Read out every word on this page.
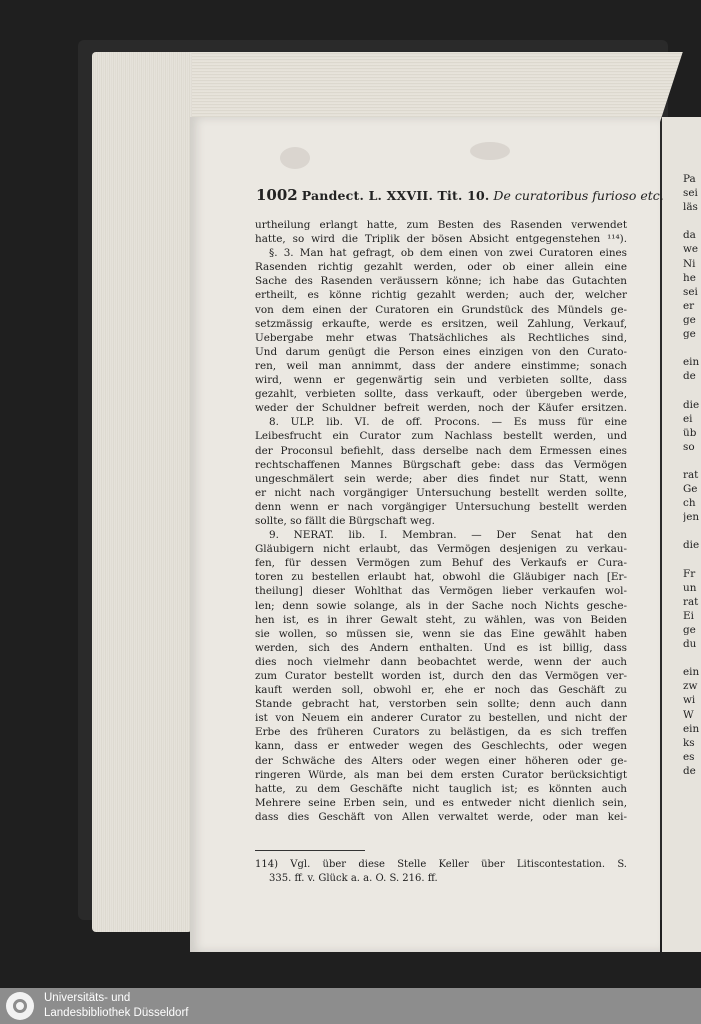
1002 Pandect. L. XXVII. Tit. 10. De curatoribus furioso etc.
urtheilung erlangt hatte, zum Besten des Rasenden verwendet
hatte, so wird die Triplik der bösen Absicht entgegenstehen ¹¹⁴).
§. 3. Man hat gefragt, ob dem einen von zwei Curatoren eines
Rasenden richtig gezahlt werden, oder ob einer allein eine
Sache des Rasenden veräussern könne; ich habe das Gutachten
ertheilt, es könne richtig gezahlt werden; auch der, welcher
von dem einen der Curatoren ein Grundstück des Mündels ge-
setzmässig erkaufte, werde es ersitzen, weil Zahlung, Verkauf,
Uebergabe mehr etwas Thatsächliches als Rechtliches sind,
Und darum genügt die Person eines einzigen von den Curato-
ren, weil man annimmt, dass der andere einstimme; sonach
wird, wenn er gegenwärtig sein und verbieten sollte, dass
gezahlt, verbieten sollte, dass verkauft, oder übergeben werde,
weder der Schuldner befreit werden, noch der Käufer ersitzen.
8. ULP. lib. VI. de off. Procons. — Es muss für eine
Leibesfrucht ein Curator zum Nachlass bestellt werden, und
der Proconsul befiehlt, dass derselbe nach dem Ermessen eines
rechtschaffenen Mannes Bürgschaft gebe: dass das Vermögen
ungeschmälert sein werde; aber dies findet nur Statt, wenn
er nicht nach vorgängiger Untersuchung bestellt werden sollte,
denn wenn er nach vorgängiger Untersuchung bestellt werden
sollte, so fällt die Bürgschaft weg.
9. NERAT. lib. I. Membran. — Der Senat hat den
Gläubigern nicht erlaubt, das Vermögen desjenigen zu verkau-
fen, für dessen Vermögen zum Behuf des Verkaufs er Cura-
toren zu bestellen erlaubt hat, obwohl die Gläubiger nach [Er-
theilung] dieser Wohlthat das Vermögen lieber verkaufen wol-
len; denn sowie solange, als in der Sache noch Nichts gesche-
hen ist, es in ihrer Gewalt steht, zu wählen, was von Beiden
sie wollen, so müssen sie, wenn sie das Eine gewählt haben
werden, sich des Andern enthalten. Und es ist billig, dass
dies noch vielmehr dann beobachtet werde, wenn der auch
zum Curator bestellt worden ist, durch den das Vermögen ver-
kauft werden soll, obwohl er, ehe er noch das Geschäft zu
Stande gebracht hat, verstorben sein sollte; denn auch dann
ist von Neuem ein anderer Curator zu bestellen, und nicht der
Erbe des früheren Curators zu belästigen, da es sich treffen
kann, dass er entweder wegen des Geschlechts, oder wegen
der Schwäche des Alters oder wegen einer höheren oder ge-
ringeren Würde, als man bei dem ersten Curator berücksichtigt
hatte, zu dem Geschäfte nicht tauglich ist; es könnten auch
Mehrere seine Erben sein, und es entweder nicht dienlich sein,
dass dies Geschäft von Allen verwaltet werde, oder man kei-
114) Vgl. über diese Stelle Keller über Litiscontestation. S.
335. ff. v. Glück a. a. O. S. 216. ff.
Pa
sei
läs

da
we
Ni
he
sei
er
ge
ge

ein
de

die
ei
üb
so

rat
Ge
ch
jen

die

Fr
un
rat
Ei
ge
du

ein
zw
wi
W
ein
ks
es
de
Universitäts- und
Landesbibliothek Düsseldorf
